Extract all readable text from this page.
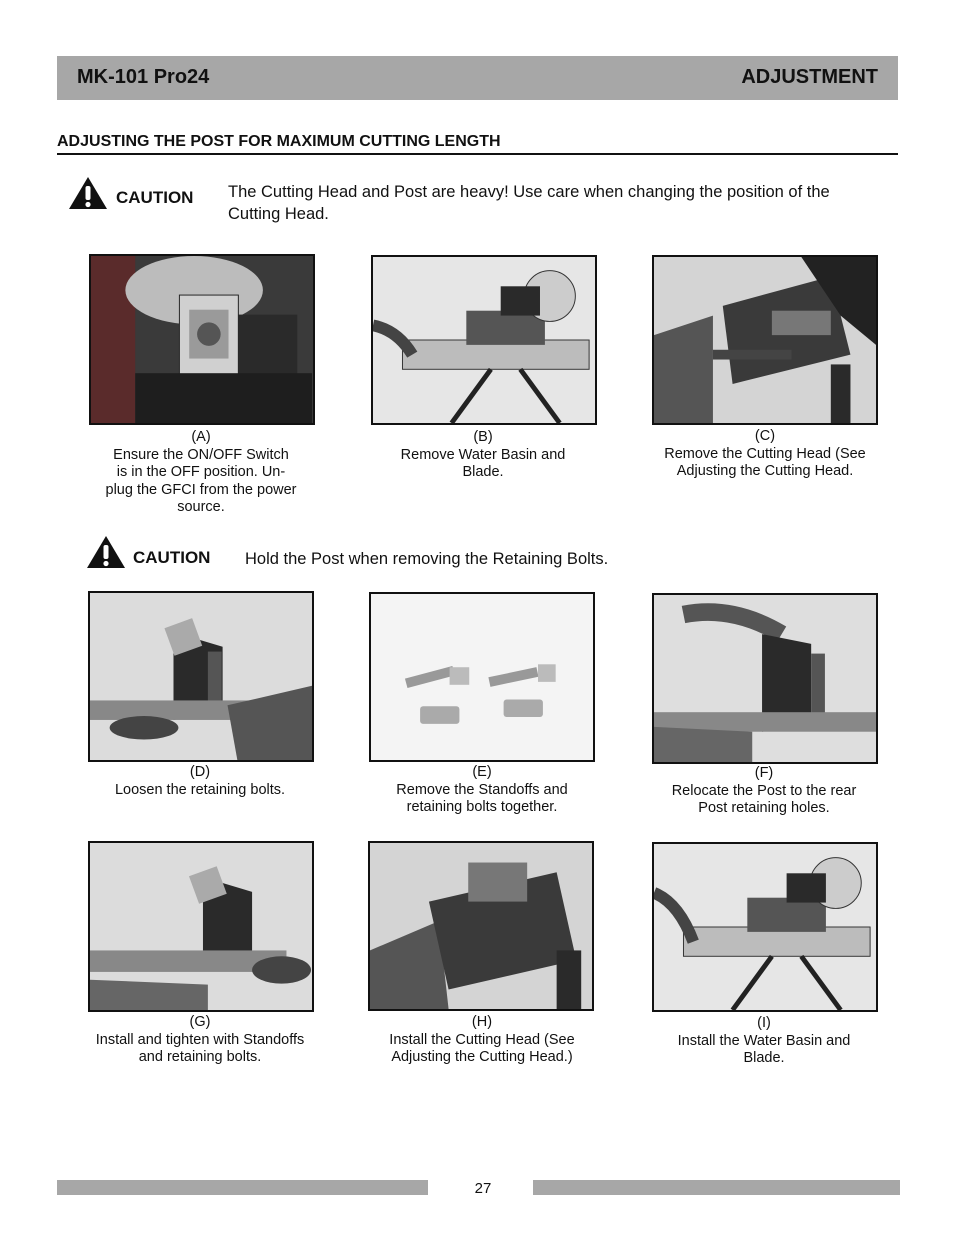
MK-101 Pro24	ADJUSTMENT
ADJUSTING THE POST FOR MAXIMUM CUTTING LENGTH
CAUTION The Cutting Head and Post are heavy! Use care when changing the position of the Cutting Head.
(A)
Ensure the ON/OFF Switch
is in the OFF position. Un-
plug the GFCI from the power
source.
(B)
Remove Water Basin and
Blade.
(C)
Remove the Cutting Head (See
Adjusting the Cutting Head.
CAUTION Hold the Post when removing the Retaining Bolts.
(D)
Loosen the retaining bolts.
(E)
Remove the Standoffs and
retaining bolts together.
(F)
Relocate the Post to the rear
Post retaining holes.
(G)
Install and tighten with Standoffs
and retaining bolts.
(H)
Install the Cutting Head (See
Adjusting the Cutting Head.)
(I)
Install the Water Basin and
Blade.
27
